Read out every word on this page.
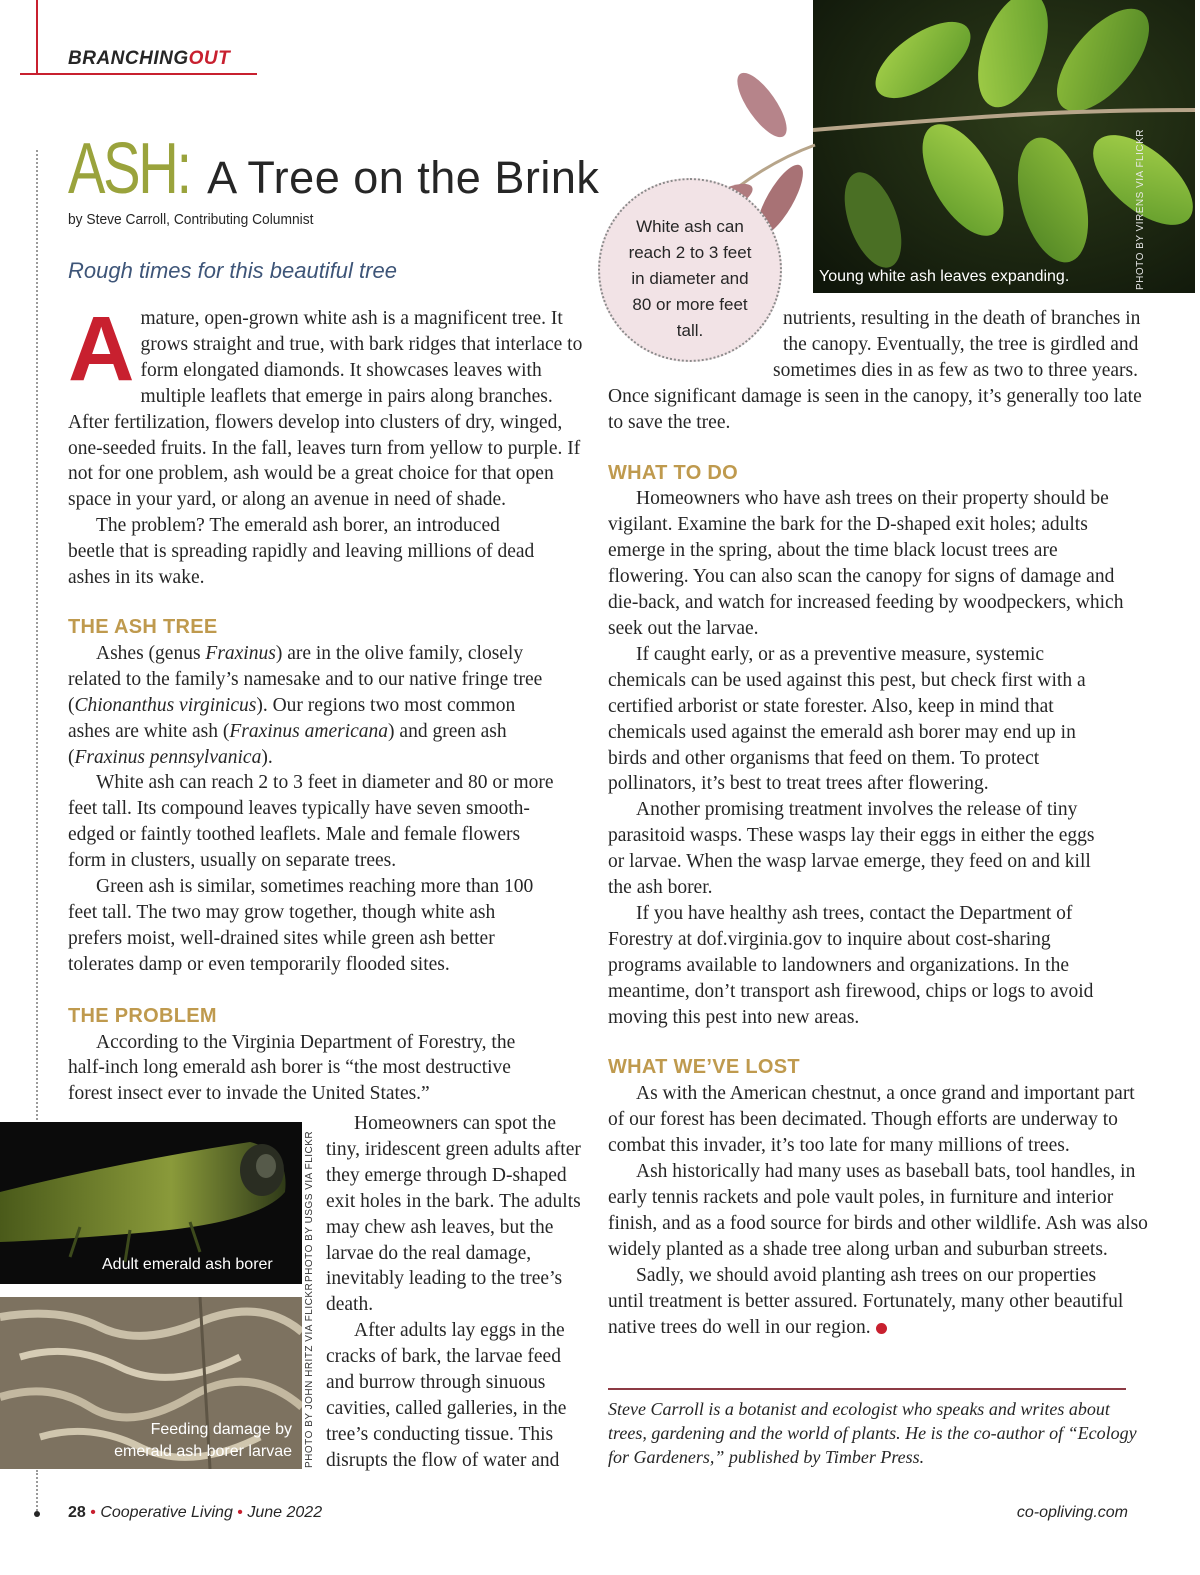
BRANCHINGOUT
ASH: A Tree on the Brink
by Steve Carroll, Contributing Columnist
Rough times for this beautiful tree	Young white ash leaves expanding.	PHOTO BY VIRENS VIA FLICKR
White ash can reach 2 to 3 feet in diameter and 80 or more feet tall.
A mature, open-grown white ash is a magnificent tree. It grows straight and true, with bark ridges that interlace to form elongated diamonds. It showcases leaves with multiple leaflets that emerge in pairs along branches. After fertilization, flowers develop into clusters of dry, winged, one-seeded fruits. In the fall, leaves turn from yellow to purple. If not for one problem, ash would be a great choice for that open space in your yard, or along an avenue in need of shade.

The problem? The emerald ash borer, an introduced beetle that is spreading rapidly and leaving millions of dead ashes in its wake.

THE ASH TREE

Ashes (genus Fraxinus) are in the olive family, closely related to the family’s namesake and to our native fringe tree (Chionanthus virginicus). Our regions two most common ashes are white ash (Fraxinus americana) and green ash (Fraxinus pennsylvanica).

White ash can reach 2 to 3 feet in diameter and 80 or more feet tall. Its compound leaves typically have seven smooth-edged or faintly toothed leaflets. Male and female flowers form in clusters, usually on separate trees.

Green ash is similar, sometimes reaching more than 100 feet tall. The two may grow together, though white ash prefers moist, well-drained sites while green ash better tolerates damp or even temporarily flooded sites.

THE PROBLEM

According to the Virginia Department of Forestry, the half-inch long emerald ash borer is “the most destructive forest insect ever to invade the United States.”

Homeowners can spot the tiny, iridescent green adults after they emerge through D-shaped exit holes in the bark. The adults may chew ash leaves, but the larvae do the real damage, inevitably leading to the tree’s death.

After adults lay eggs in the cracks of bark, the larvae feed and burrow through sinuous cavities, called galleries, in the tree’s conducting tissue. This disrupts the flow of water and

Adult emerald ash borer	PHOTO BY USGS VIA FLICKR
Feeding damage by
emerald ash borer larvae PHOTO BY JOHN HRITZ VIA FLICKR

nutrients, resulting in the death of branches in the canopy. Eventually, the tree is girdled and sometimes dies in as few as two to three years. Once significant damage is seen in the canopy, it’s generally too late to save the tree.

WHAT TO DO

Homeowners who have ash trees on their property should be vigilant. Examine the bark for the D-shaped exit holes; adults emerge in the spring, about the time black locust trees are flowering. You can also scan the canopy for signs of damage and die-back, and watch for increased feeding by woodpeckers, which seek out the larvae.

If caught early, or as a preventive measure, systemic chemicals can be used against this pest, but check first with a certified arborist or state forester. Also, keep in mind that chemicals used against the emerald ash borer may end up in birds and other organisms that feed on them. To protect pollinators, it’s best to treat trees after flowering.

Another promising treatment involves the release of tiny parasitoid wasps. These wasps lay their eggs in either the eggs or larvae. When the wasp larvae emerge, they feed on and kill the ash borer.

If you have healthy ash trees, contact the Department of Forestry at dof.virginia.gov to inquire about cost-sharing programs available to landowners and organizations. In the meantime, don’t transport ash firewood, chips or logs to avoid moving this pest into new areas.

WHAT WE’VE LOST

As with the American chestnut, a once grand and important part of our forest has been decimated. Though efforts are underway to combat this invader, it’s too late for many millions of trees.

Ash historically had many uses as baseball bats, tool handles, in early tennis rackets and pole vault poles, in furniture and interior finish, and as a food source for birds and other wildlife. Ash was also widely planted as a shade tree along urban and suburban streets.

Sadly, we should avoid planting ash trees on our properties until treatment is better assured. Fortunately, many other beautiful native trees do well in our region.

Steve Carroll is a botanist and ecologist who speaks and writes about trees, gardening and the world of plants. He is the co-author of “Ecology for Gardeners,” published by Timber Press.
28 • Cooperative Living • June 2022	co-opliving.com
